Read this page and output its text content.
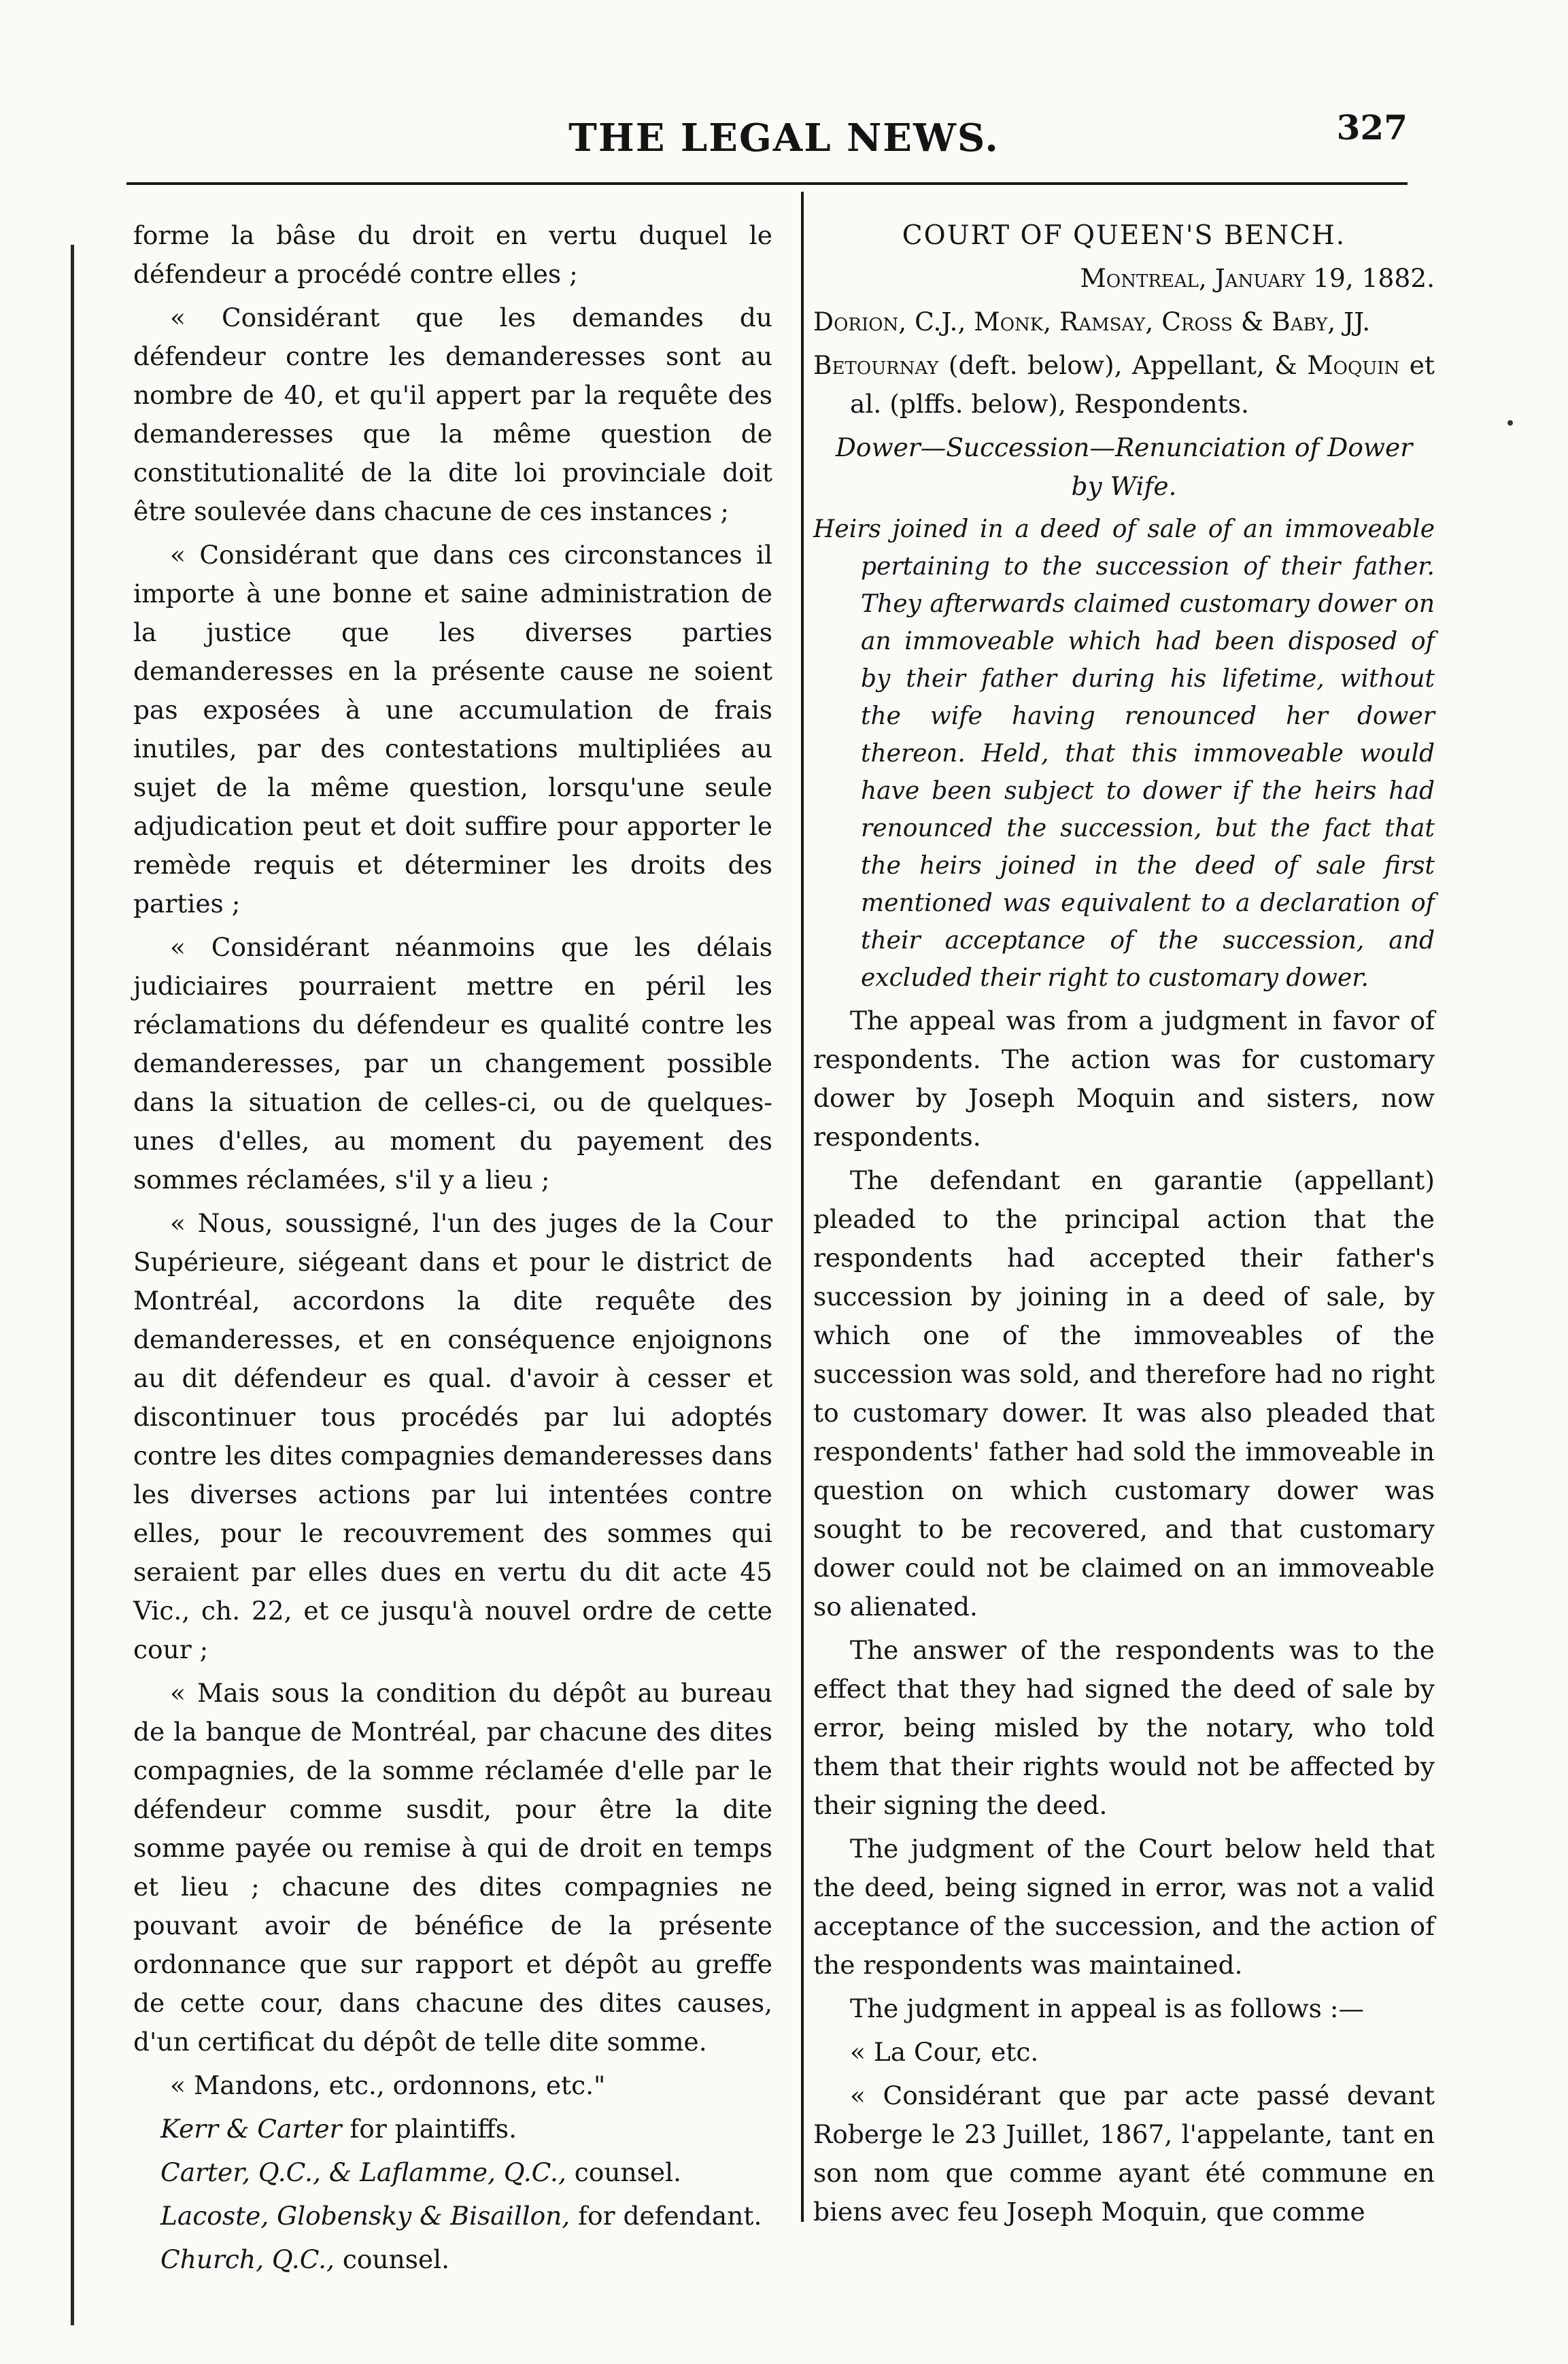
THE LEGAL NEWS.	327

forme la bâse du droit en vertu duquel le défendeur a procédé contre elles ;

« Considérant que les demandes du défendeur contre les demanderesses sont au nombre de 40, et qu'il appert par la requête des demanderesses que la même question de constitutionalité de la dite loi provinciale doit être soulevée dans chacune de ces instances ;

« Considérant que dans ces circonstances il importe à une bonne et saine administration de la justice que les diverses parties demanderesses en la présente cause ne soient pas exposées à une accumulation de frais inutiles, par des contestations multipliées au sujet de la même question, lorsqu'une seule adjudication peut et doit suffire pour apporter le remède requis et déterminer les droits des parties ;

« Considérant néanmoins que les délais judiciaires pourraient mettre en péril les réclamations du défendeur es qualité contre les demanderesses, par un changement possible dans la situation de celles-ci, ou de quelques-unes d'elles, au moment du payement des sommes réclamées, s'il y a lieu ;

« Nous, soussigné, l'un des juges de la Cour Supérieure, siégeant dans et pour le district de Montréal, accordons la dite requête des demanderesses, et en conséquence enjoignons au dit défendeur es qual. d'avoir à cesser et discontinuer tous procédés par lui adoptés contre les dites compagnies demanderesses dans les diverses actions par lui intentées contre elles, pour le recouvrement des sommes qui seraient par elles dues en vertu du dit acte 45 Vic., ch. 22, et ce jusqu'à nouvel ordre de cette cour ;

« Mais sous la condition du dépôt au bureau de la banque de Montréal, par chacune des dites compagnies, de la somme réclamée d'elle par le défendeur comme susdit, pour être la dite somme payée ou remise à qui de droit en temps et lieu ; chacune des dites compagnies ne pouvant avoir de bénéfice de la présente ordonnance que sur rapport et dépôt au greffe de cette cour, dans chacune des dites causes, d'un certificat du dépôt de telle dite somme.

« Mandons, etc., ordonnons, etc."

Kerr & Carter for plaintiffs.

Carter, Q.C., & Laflamme, Q.C., counsel.

Lacoste, Globensky & Bisaillon, for defendant.

Church, Q.C., counsel.

COURT OF QUEEN'S BENCH.

Montreal, January 19, 1882.

Dorion, C.J., Monk, Ramsay, Cross & Baby, JJ.

Betournay (deft. below), Appellant, & Moquin et al. (plffs. below), Respondents.

Dower—Succession—Renunciation of Dower by Wife.

Heirs joined in a deed of sale of an immoveable pertaining to the succession of their father. They afterwards claimed customary dower on an immoveable which had been disposed of by their father during his lifetime, without the wife having renounced her dower thereon. Held, that this immoveable would have been subject to dower if the heirs had renounced the succession, but the fact that the heirs joined in the deed of sale first mentioned was equivalent to a declaration of their acceptance of the succession, and excluded their right to customary dower.

The appeal was from a judgment in favor of respondents. The action was for customary dower by Joseph Moquin and sisters, now respondents.

The defendant en garantie (appellant) pleaded to the principal action that the respondents had accepted their father's succession by joining in a deed of sale, by which one of the immoveables of the succession was sold, and therefore had no right to customary dower. It was also pleaded that respondents' father had sold the immoveable in question on which customary dower was sought to be recovered, and that customary dower could not be claimed on an immoveable so alienated.

The answer of the respondents was to the effect that they had signed the deed of sale by error, being misled by the notary, who told them that their rights would not be affected by their signing the deed.

The judgment of the Court below held that the deed, being signed in error, was not a valid acceptance of the succession, and the action of the respondents was maintained.

The judgment in appeal is as follows :—

« La Cour, etc.

« Considérant que par acte passé devant Roberge le 23 Juillet, 1867, l'appelante, tant en son nom que comme ayant été commune en biens avec feu Joseph Moquin, que comme
